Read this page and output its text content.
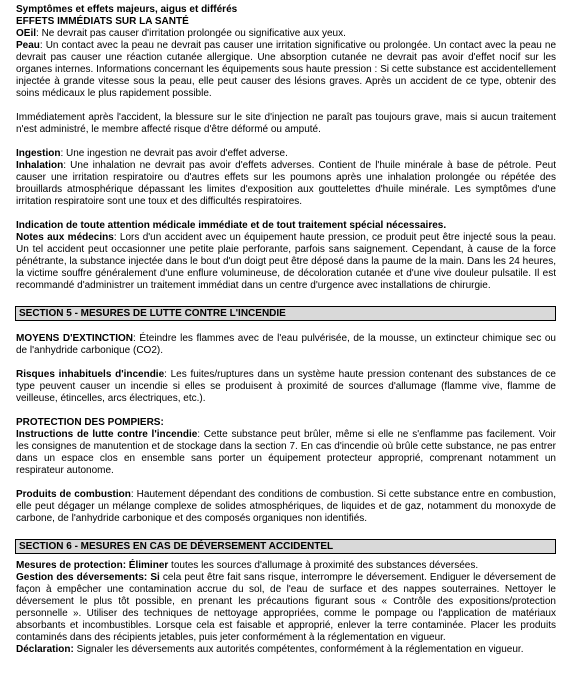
Symptômes et effets majeurs, aigus et différés

EFFETS IMMÉDIATS SUR LA SANTÉ

OEil: Ne devrait pas causer d'irritation prolongée ou significative aux yeux.

Peau: Un contact avec la peau ne devrait pas causer une irritation significative ou prolongée. Un contact avec la peau ne devrait pas causer une réaction cutanée allergique. Une absorption cutanée ne devrait pas avoir d'effet nocif sur les organes internes. Informations concernant les équipements sous haute pression : Si cette substance est accidentellement injectée à grande vitesse sous la peau, elle peut causer des lésions graves. Après un accident de ce type, obtenir des soins médicaux le plus rapidement possible.

Immédiatement après l'accident, la blessure sur le site d'injection ne paraît pas toujours grave, mais si aucun traitement n'est administré, le membre affecté risque d'être déformé ou amputé.

Ingestion: Une ingestion ne devrait pas avoir d'effet adverse.

Inhalation: Une inhalation ne devrait pas avoir d'effets adverses. Contient de l'huile minérale à base de pétrole. Peut causer une irritation respiratoire ou d'autres effets sur les poumons après une inhalation prolongée ou répétée des brouillards atmosphérique dépassant les limites d'exposition aux gouttelettes d'huile minérale. Les symptômes d'une irritation respiratoire sont une toux et des difficultés respiratoires.

Indication de toute attention médicale immédiate et de tout traitement spécial nécessaires.

Notes aux médecins: Lors d'un accident avec un équipement haute pression, ce produit peut être injecté sous la peau. Un tel accident peut occasionner une petite plaie perforante, parfois sans saignement. Cependant, à cause de la force pénétrante, la substance injectée dans le bout d'un doigt peut être déposé dans la paume de la main. Dans les 24 heures, la victime souffre généralement d'une enflure volumineuse, de décoloration cutanée et d'une vive douleur pulsatile. Il est recommandé d'administrer un traitement immédiat dans un centre d'urgence avec installations de chirurgie.

SECTION 5 - MESURES DE LUTTE CONTRE L'INCENDIE

MOYENS D'EXTINCTION: Éteindre les flammes avec de l'eau pulvérisée, de la mousse, un extincteur chimique sec ou de l'anhydride carbonique (CO2).

Risques inhabituels d'incendie: Les fuites/ruptures dans un système haute pression contenant des substances de ce type peuvent causer un incendie si elles se produisent à proximité de sources d'allumage (flamme vive, flamme de veilleuse, étincelles, arcs électriques, etc.).

PROTECTION DES POMPIERS:

Instructions de lutte contre l'incendie: Cette substance peut brûler, même si elle ne s'enflamme pas facilement. Voir les consignes de manutention et de stockage dans la section 7. En cas d'incendie où brûle cette substance, ne pas entrer dans un espace clos en ensemble sans porter un équipement protecteur approprié, comprenant notamment un respirateur autonome.

Produits de combustion: Hautement dépendant des conditions de combustion. Si cette substance entre en combustion, elle peut dégager un mélange complexe de solides atmosphériques, de liquides et de gaz, notamment du monoxyde de carbone, de l'anhydride carbonique et des composés organiques non identifiés.

SECTION 6 - MESURES EN CAS DE DÉVERSEMENT ACCIDENTEL

Mesures de protection: Éliminer toutes les sources d'allumage à proximité des substances déversées.

Gestion des déversements: Si cela peut être fait sans risque, interrompre le déversement. Endiguer le déversement de façon à empêcher une contamination accrue du sol, de l'eau de surface et des nappes souterraines. Nettoyer le déversement le plus tôt possible, en prenant les précautions figurant sous « Contrôle des expositions/protection personnelle ». Utiliser des techniques de nettoyage appropriées, comme le pompage ou l'application de matériaux absorbants et incombustibles. Lorsque cela est faisable et approprié, enlever la terre contaminée. Placer les produits contaminés dans des récipients jetables, puis jeter conformément à la réglementation en vigueur.

Déclaration: Signaler les déversements aux autorités compétentes, conformément à la réglementation en vigueur.
